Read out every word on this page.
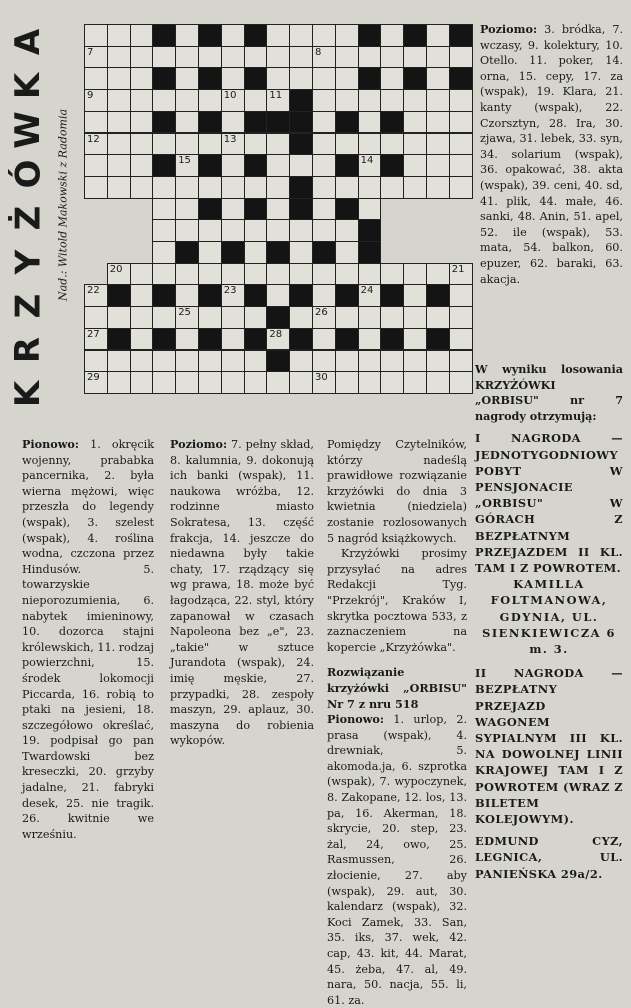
A
K
W
Ó
Ż
Y
Z
R
K
Nad.: Witold Makowski z Radomia
7	8
9	10	11
12	13
15	14
20	21
22	23	24
25	26
27	28
29	30

Pionowo: 1. okręcik wojenny, prababka pancernika, 2. była wierna mężowi, więc przeszła do legendy (wspak), 3. szelest (wspak), 4. roślina wodna, czczona przez Hindusów. 5. towarzyskie nieporozumienia, 6. nabytek imieninowy, 10. dozorca stajni królewskich, 11. rodzaj powierzchni, 15. środek lokomocji Piccarda, 16. robią to ptaki na jesieni, 18. szczegółowo określać, 19. podpisał go pan Twardowski bez kreseczki, 20. grzyby jadalne, 21. fabryki desek, 25. nie tragik. 26. kwitnie we wrześniu.

Poziomo: 7. pełny skład, 8. kalumnia, 9. dokonują ich banki (wspak), 11. naukowa wróżba, 12. rodzinne miasto Sokratesa, 13. część frakcja, 14. jeszcze do niedawna były takie chaty, 17. rządzący się wg prawa, 18. może być łagodząca, 22. styl, który zapanował w czasach Napoleona bez „e", 23. „takie" w sztuce Jurandota (wspak), 24. imię męskie, 27. przypadki, 28. zespoły maszyn, 29. aplauz, 30. maszyna do robienia wykopów.

Pomiędzy Czytelników, którzy nadeślą prawidłowe rozwiązanie krzyżówki do dnia 3 kwietnia (niedziela) zostanie rozlosowanych 5 nagród książkowych.

Krzyżówki prosimy przysyłać na adres Redakcji Tyg. "Przekrój", Kraków I, skrytka pocztowa 533, z zaznaczeniem na kopercie „Krzyżówka".

Rozwiązanie krzyżówki „ORBISU" Nr 7 z nru 518

Pionowo: 1. urlop, 2. prasa (wspak), 4. drewniak, 5. akomoda.ja, 6. szprotka (wspak), 7. wypoczynek, 8. Zakopane, 12. los, 13. pa, 16. Akerman, 18. skrycie, 20. step, 23. żal, 24, owo, 25. Rasmussen, 26. złocienie, 27. aby (wspak), 29. aut, 30. kalendarz (wspak), 32. Koci Zamek, 33. San, 35. iks, 37. wek, 42. cap, 43. kit, 44. Marat, 45. żeba, 47. al, 49. nara, 50. nacja, 55. li, 61. za.

Poziomo: 3. bródka, 7. wczasy, 9. kolektury, 10. Otello. 11. poker, 14. orna, 15. cepy, 17. za (wspak), 19. Klara, 21. kanty (wspak), 22. Czorsztyn, 28. Ira, 30. zjawa, 31. lebek, 33. syn, 34. solarium (wspak), 36. opakować, 38. akta (wspak), 39. ceni, 40. sd, 41. plik, 44. małe, 46. sanki, 48. Anin, 51. apel, 52. ile (wspak), 53. mata, 54. balkon, 60. epuzer, 62. baraki, 63. akacja.

W wyniku losowania KRZYŻÓWKI „ORBISU" nr 7 nagrody otrzymują:

I NAGRODA — JEDNOTYGODNIOWY POBYT W PENSJONACIE „ORBISU" W GÓRACH Z BEZPŁATNYM PRZEJAZDEM II KL. TAM I Z POWROTEM.

KAMILLA FOLTMANOWA, GDYNIA, UL. SIENKIEWICZA 6 m. 3.

II NAGRODA — BEZPŁATNY PRZEJAZD WAGONEM SYPIALNYM III KL. NA DOWOLNEJ LINII KRAJOWEJ TAM I Z POWROTEM (WRAZ Z BILETEM KOLEJOWYM).

EDMUND CYZ, LEGNICA, UL. PANIEŃSKA 29a/2.
